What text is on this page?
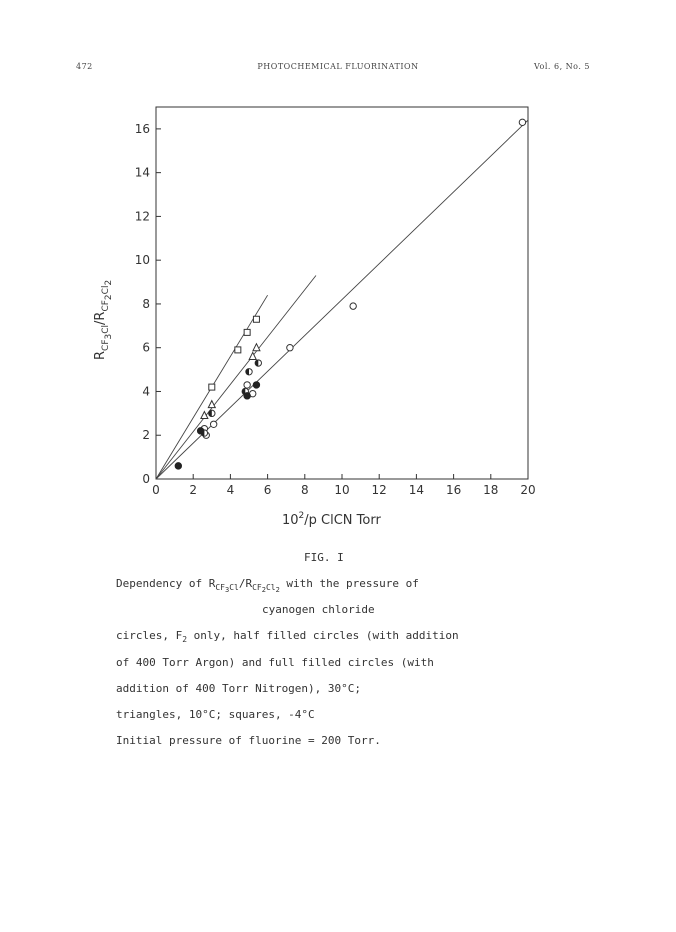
472	PHOTOCHEMICAL FLUORINATION	Vol. 6, No. 5
0 2 4 6 8 10 12 14 16 18 20
0
2
4
6
8
10
12
14
16
$R_{CF3}^{Cl}/R_{CF2}^{Cl}_2$
$10^2/p$ ClCN Torr
FIG. I
Dependency of $R_{CF3Cl}/R_{CF2Cl2}$ with the pressure of
cyanogen chloride
circles, $F_2$ only, half filled circles (with addition
of 400 Torr Argon) and full filled circles (with
addition of 400 Torr Nitrogen), 30°C;
triangles, 10°C; squares, -4°C
Initial pressure of fluorine = 200 Torr.
